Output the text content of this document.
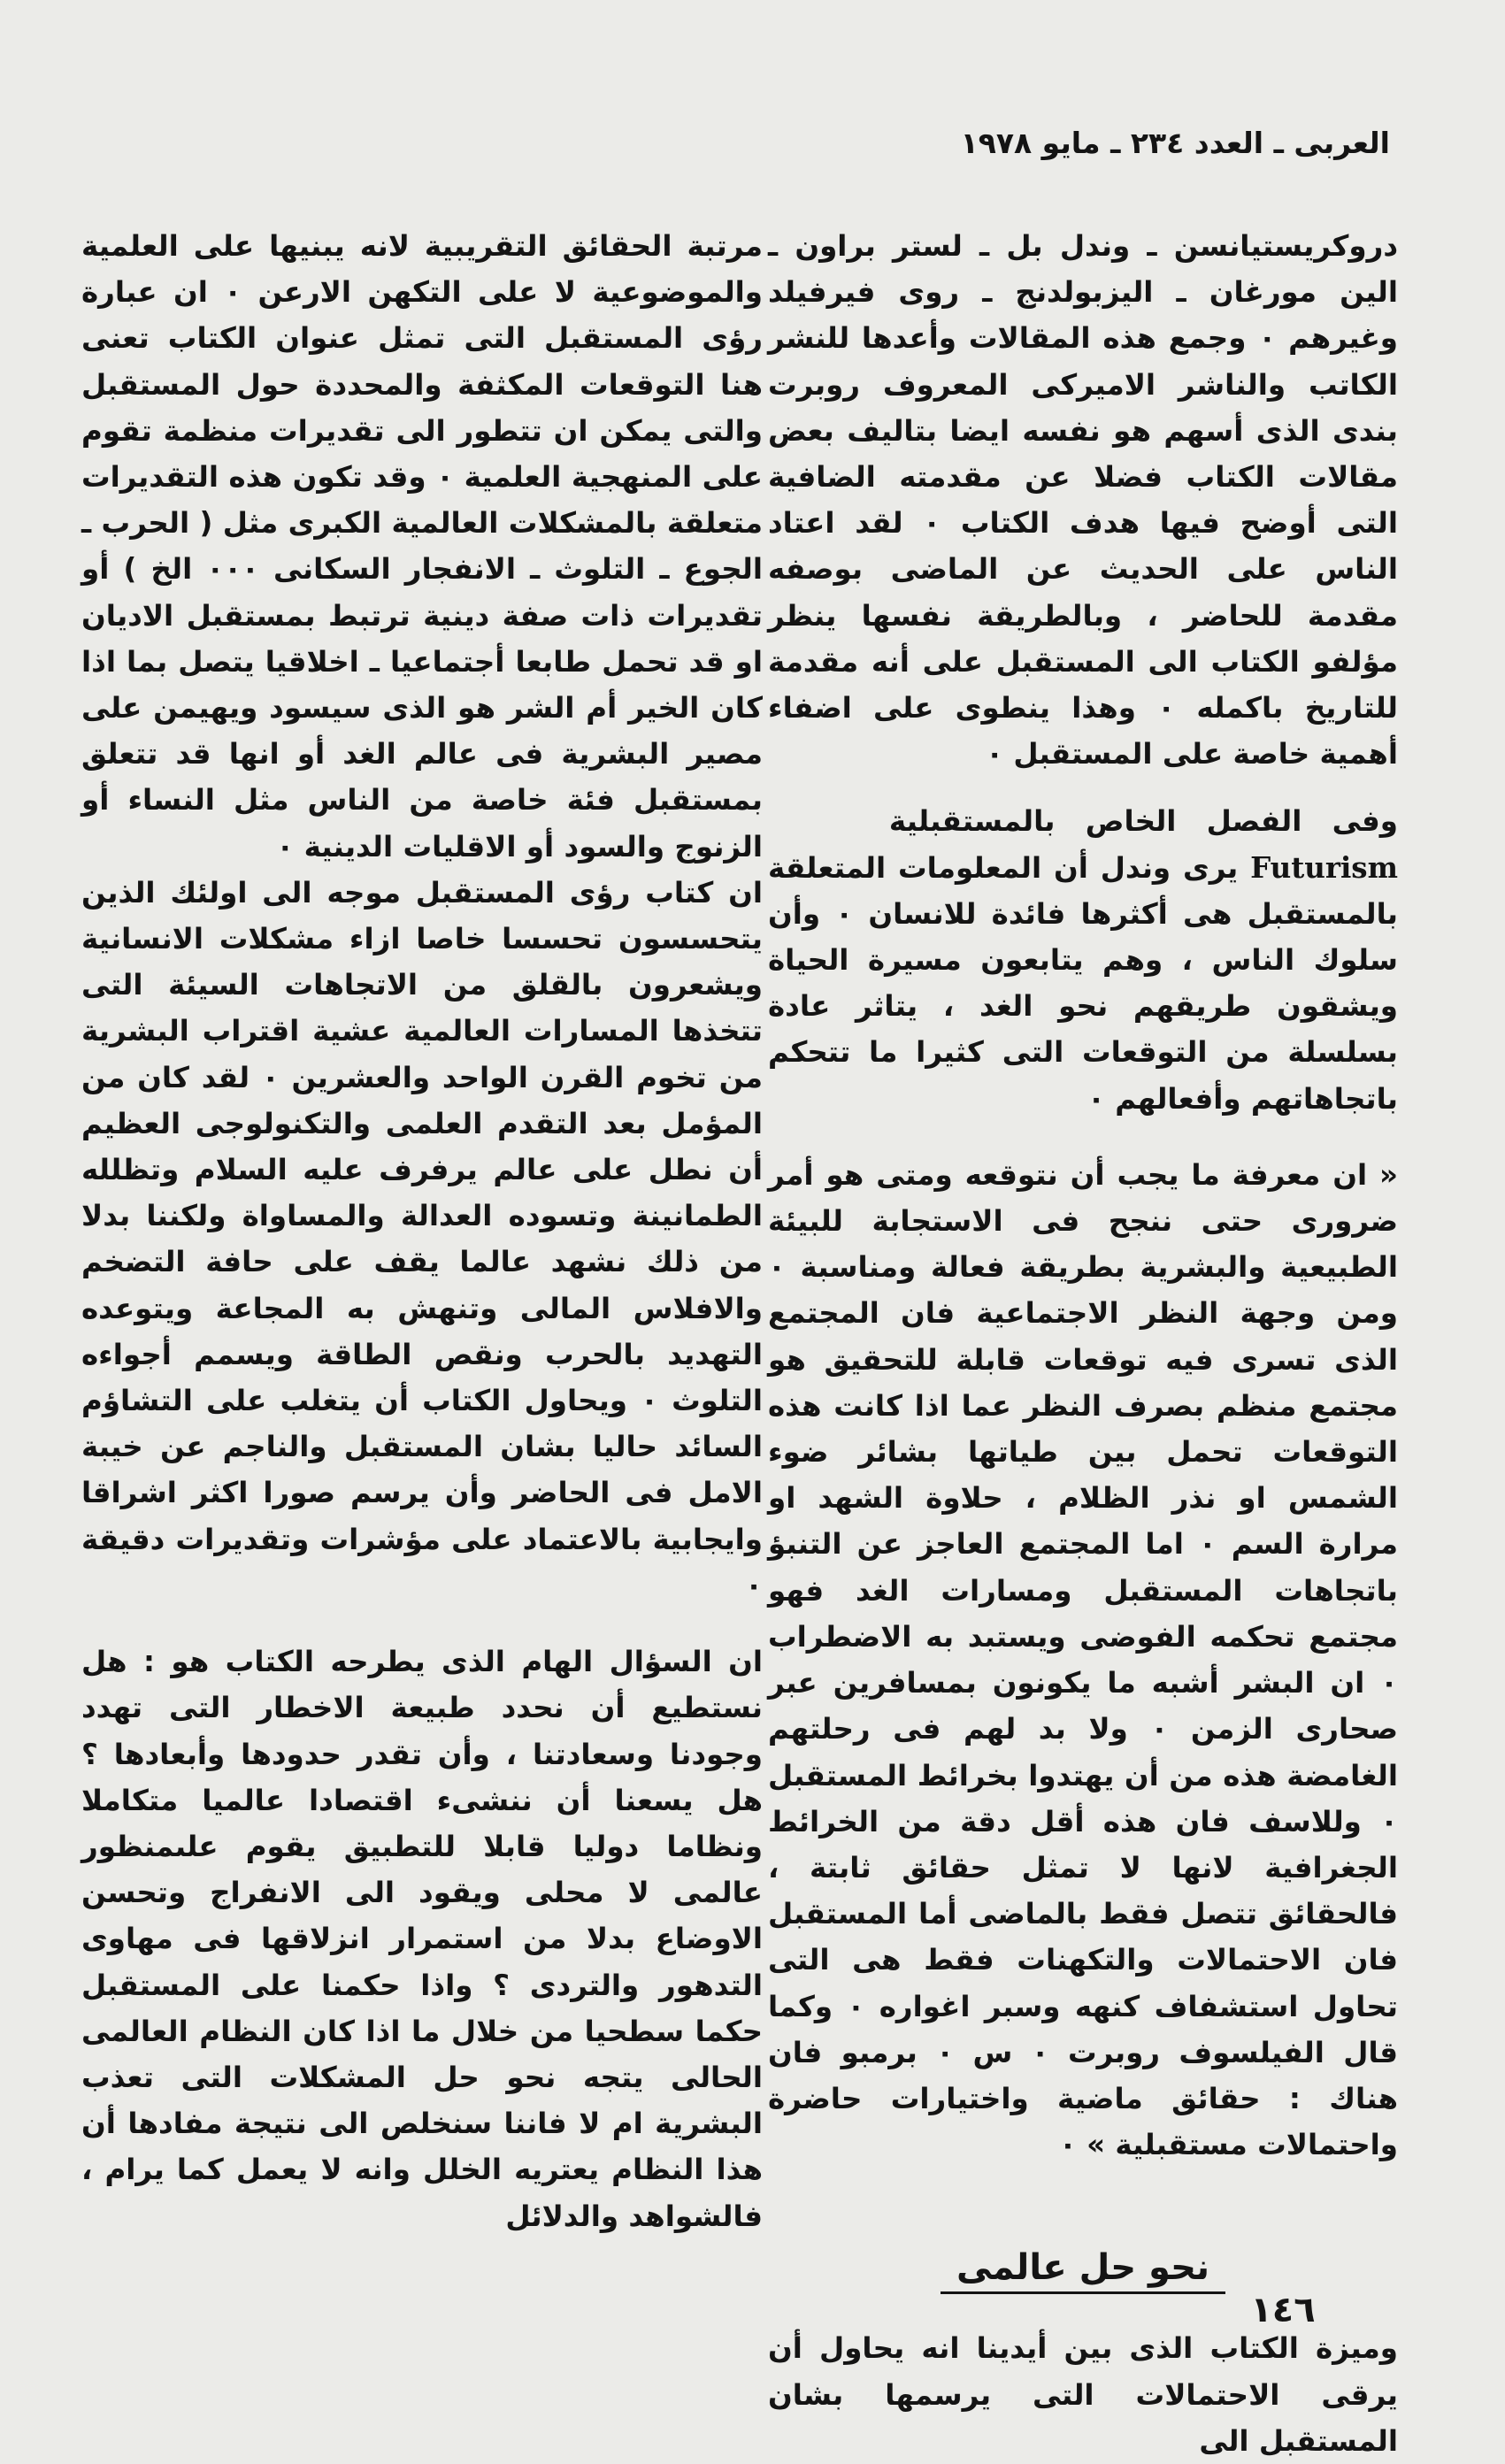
العربى ـ العدد ٢٣٤ ـ مايو ١٩٧٨

دروكريستيانسن ـ وندل بل ـ لستر براون ـ الين مورغان ـ اليزبولدنج ـ روى فيرفيلد وغيرهم ٠ وجمع هذه المقالات وأعدها للنشر الكاتب والناشر الاميركى المعروف روبرت بندى الذى أسهم هو نفسه ايضا بتاليف بعض مقالات الكتاب فضلا عن مقدمته الضافية التى أوضح فيها هدف الكتاب ٠ لقد اعتاد الناس على الحديث عن الماضى بوصفه مقدمة للحاضر ، وبالطريقة نفسها ينظر مؤلفو الكتاب الى المستقبل على أنه مقدمة للتاريخ باكمله ٠ وهذا ينطوى على اضفاء أهمية خاصة على المستقبل ٠

وفى الفصل الخاص بالمستقبلية     Futurism يرى وندل أن المعلومات المتعلقة بالمستقبل هى أكثرها فائدة للانسان ٠ وأن سلوك الناس ، وهم يتابعون مسيرة الحياة ويشقون طريقهم نحو الغد ، يتاثر عادة بسلسلة من التوقعات التى كثيرا ما تتحكم باتجاهاتهم وأفعالهم ٠

« ان معرفة ما يجب أن نتوقعه ومتى هو أمر ضرورى حتى ننجح فى الاستجابة للبيئة الطبيعية والبشرية بطريقة فعالة ومناسبة ٠ ومن وجهة النظر الاجتماعية فان المجتمع الذى تسرى فيه توقعات قابلة للتحقيق هو مجتمع منظم بصرف النظر عما اذا كانت هذه التوقعات تحمل بين طياتها بشائر ضوء الشمس او نذر الظلام ، حلاوة الشهد او مرارة السم ٠ اما المجتمع العاجز عن التنبؤ باتجاهات المستقبل ومسارات الغد فهو مجتمع تحكمه الفوضى ويستبد به الاضطراب ٠ ان البشر أشبه ما يكونون بمسافرين عبر صحارى الزمن ٠ ولا بد لهم فى رحلتهم الغامضة هذه من أن يهتدوا بخرائط المستقبل ٠ وللاسف فان هذه أقل دقة من الخرائط الجغرافية لانها لا تمثل حقائق ثابتة ، فالحقائق تتصل فقط بالماضى أما المستقبل فان الاحتمالات والتكهنات فقط هى التى تحاول استشفاف كنهه وسبر اغواره ٠ وكما قال الفيلسوف روبرت ٠ س ٠ برمبو فان هناك : حقائق ماضية واختيارات حاضرة واحتمالات مستقبلية » ٠

نحو حل عالمى

وميزة الكتاب الذى بين أيدينا انه يحاول أن يرقى الاحتمالات التى يرسمها بشان المستقبل الى

مرتبة الحقائق التقريبية لانه يبنيها على العلمية والموضوعية لا على التكهن الارعن ٠ ان عبارة رؤى المستقبل التى تمثل عنوان الكتاب تعنى هنا التوقعات المكثفة والمحددة حول المستقبل والتى يمكن ان تتطور الى تقديرات منظمة تقوم على المنهجية العلمية ٠ وقد تكون هذه التقديرات متعلقة بالمشكلات العالمية الكبرى مثل ( الحرب ـ الجوع ـ التلوث ـ الانفجار السكانى ٠٠٠ الخ ) أو تقديرات ذات صفة دينية ترتبط بمستقبل الاديان او قد تحمل طابعا أجتماعيا ـ اخلاقيا يتصل بما اذا كان الخير أم الشر هو الذى سيسود ويهيمن على مصير البشرية فى عالم الغد أو انها قد تتعلق بمستقبل فئة خاصة من الناس مثل النساء أو الزنوج والسود أو الاقليات الدينية ٠

ان كتاب رؤى المستقبل موجه الى اولئك الذين يتحسسون تحسسا خاصا ازاء مشكلات الانسانية ويشعرون بالقلق من الاتجاهات السيئة التى تتخذها المسارات العالمية عشية اقتراب البشرية من تخوم القرن الواحد والعشرين ٠ لقد كان من المؤمل بعد التقدم العلمى والتكنولوجى العظيم أن نطل على عالم يرفرف عليه السلام وتظلله الطمانينة وتسوده العدالة والمساواة ولكننا بدلا من ذلك نشهد عالما يقف على حافة التضخم والافلاس المالى وتنهش به المجاعة ويتوعده التهديد بالحرب ونقص الطاقة ويسمم أجواءه التلوث ٠ ويحاول الكتاب أن يتغلب على التشاؤم السائد حاليا بشان المستقبل والناجم عن خيبة الامل فى الحاضر وأن يرسم صورا اكثر اشراقا وايجابية بالاعتماد على مؤشرات وتقديرات دقيقة ٠

ان السؤال الهام الذى يطرحه الكتاب هو : هل نستطيع أن نحدد طبيعة الاخطار التى تهدد وجودنا وسعادتنا ، وأن تقدر حدودها وأبعادها ؟ هل يسعنا أن ننشىء اقتصادا عالميا متكاملا ونظاما دوليا قابلا للتطبيق يقوم علىمنظور عالمى لا محلى ويقود الى الانفراج وتحسن الاوضاع بدلا من استمرار انزلاقها فى مهاوى التدهور والتردى ؟ واذا حكمنا على المستقبل حكما سطحيا من خلال ما اذا كان النظام العالمى الحالى يتجه نحو حل المشكلات التى تعذب البشرية ام لا فاننا سنخلص الى نتيجة مفادها أن هذا النظام يعتريه الخلل وانه لا يعمل كما يرام ، فالشواهد والدلائل

١٤٦
